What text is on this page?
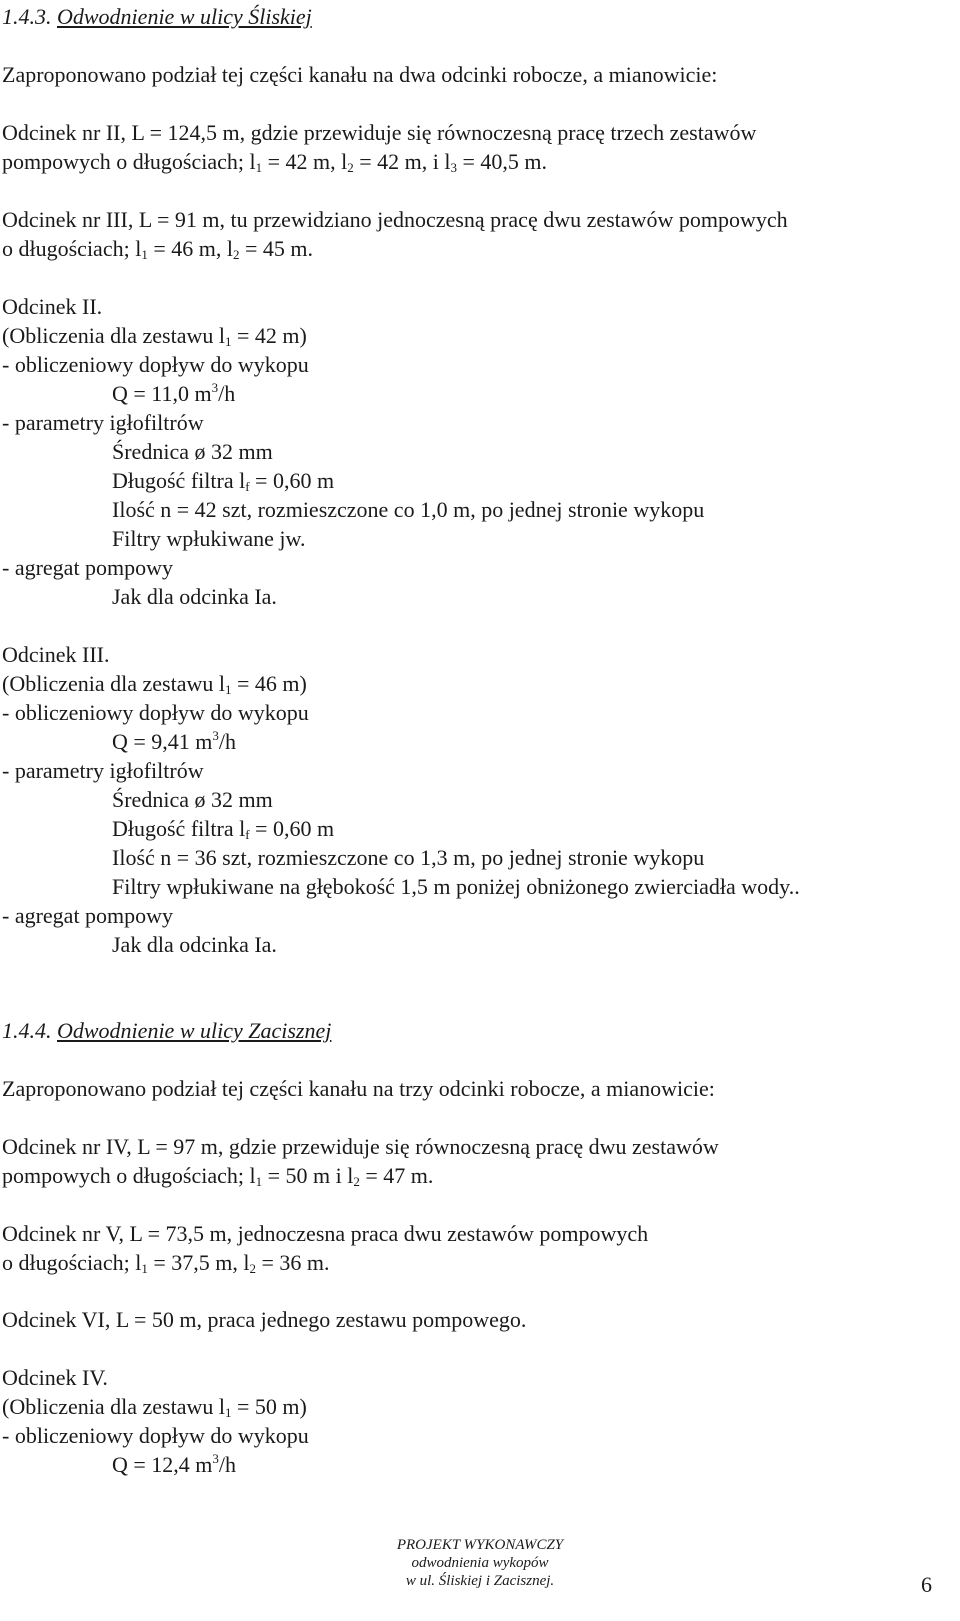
1.4.3. Odwodnienie w ulicy Śliskiej
Zaproponowano podział tej części kanału na dwa odcinki robocze, a mianowicie:
Odcinek nr II, L = 124,5 m, gdzie przewiduje się równoczesną pracę trzech zestawów
pompowych o długościach; $l_1 = 42$ m, $l_2 = 42$ m, i $l_3 = 40,5$ m.
Odcinek nr III, L = 91 m, tu przewidziano jednoczesną pracę dwu zestawów pompowych
o długościach; $l_1 = 46$ m, $l_2 = 45$ m.
Odcinek II.
(Obliczenia dla zestawu $l_1 = 42$ m)
- obliczeniowy dopływ do wykopu
Q = 11,0 $m^3/h$
- parametry igłofiltrów
Średnica ø 32 mm
Długość filtra $l_f = 0,60$ m
Ilość n = 42 szt, rozmieszczone co 1,0 m, po jednej stronie wykopu
Filtry wpłukiwane jw.
- agregat pompowy
Jak dla odcinka Ia.
Odcinek III.
(Obliczenia dla zestawu $l_1 = 46$ m)
- obliczeniowy dopływ do wykopu
Q = 9,41 $m^3/h$
- parametry igłofiltrów
Średnica ø 32 mm
Długość filtra $l_f = 0,60$ m
Ilość n = 36 szt, rozmieszczone co 1,3 m, po jednej stronie wykopu
Filtry wpłukiwane na głębokość 1,5 m poniżej obniżonego zwierciadła wody..
- agregat pompowy
Jak dla odcinka Ia.
1.4.4. Odwodnienie w ulicy Zacisznej
Zaproponowano podział tej części kanału na trzy odcinki robocze, a mianowicie:
Odcinek nr IV, L = 97 m, gdzie przewiduje się równoczesną pracę dwu zestawów
pompowych o długościach; $l_1 = 50$ m i $l_2 = 47$ m.
Odcinek nr V, L = 73,5 m, jednoczesna praca dwu zestawów pompowych
o długościach; $l_1 = 37,5$ m, $l_2 = 36$ m.
Odcinek VI, L = 50 m, praca jednego zestawu pompowego.
Odcinek IV.
(Obliczenia dla zestawu $l_1 = 50$ m)
- obliczeniowy dopływ do wykopu
Q = 12,4 $m^3/h$
PROJEKT WYKONAWCZY
odwodnienia wykopów
w ul. Śliskiej i Zacisznej.	6
